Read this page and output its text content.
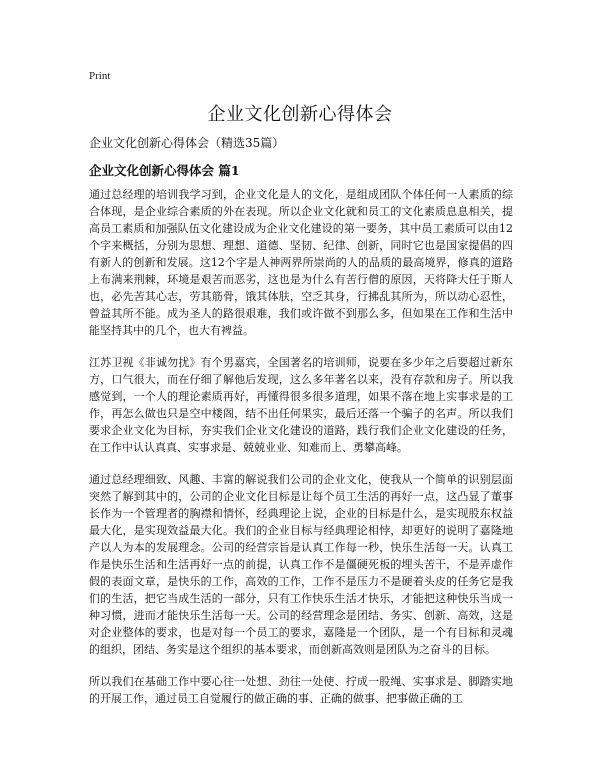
Print
企业文化创新心得体会
企业文化创新心得体会（精选35篇）
企业文化创新心得体会 篇1

通过总经理的培训我学习到，企业文化是人的文化，是组成团队个体任何一人素质的综合体现，是企业综合素质的外在表现。所以企业文化就和员工的文化素质息息相关，提高员工素质和加强队伍文化建设成为企业文化建设的第一要务，其中员工素质可以由12个字来概括，分别为思想、理想、道德、坚韧、纪律、创新，同时它也是国家提倡的四有新人的创新和发展。这12个字是人神两界所崇尚的人的品质的最高境界，修真的道路上布满来荆棘，环境是艰苦而恶劣，这也是为什么有苦行僧的原因，天将降大任于斯人也，必先苦其心志，劳其筋骨，饿其体肤，空乏其身，行拂乱其所为，所以动心忍性，曾益其所不能。成为圣人的路很艰难，我们或许做不到那么多，但如果在工作和生活中能坚持其中的几个，也大有裨益。

江苏卫视《非诚勿扰》有个男嘉宾，全国著名的培训师，说要在多少年之后要超过新东方，口气很大，而在仔细了解他后发现，这么多年著名以来，没有存款和房子。所以我感觉到，一个人的理论素质再好，再懂得很多很多道理，如果不落在地上实事求是的工作，再怎么做也只是空中楼阁，结不出任何果实，最后还落一个骗子的名声。所以我们要求企业文化为目标，夯实我们企业文化建设的道路，践行我们企业文化建设的任务，在工作中认认真真、实事求是、兢兢业业、知难而上、勇攀高峰。

通过总经理细致、风趣、丰富的解说我们公司的企业文化，使我从一个简单的识别层面突然了解到其中的，公司的企业文化目标是让每个员工生活的再好一点，这凸显了董事长作为一个管理者的胸襟和情怀，经典理论上说，企业的目标是什么，是实现股东权益最大化，是实现效益最大化。我们的企业目标与经典理论相悖，却更好的说明了嘉隆地产以人为本的发展理念。公司的经营宗旨是认真工作每一秒，快乐生活每一天。认真工作是快乐生活和生活再好一点的前提，认真工作不是僵硬死板的埋头苦干，不是弄虚作假的表面文章，是快乐的工作，高效的工作，工作不是压力不是硬着头皮的任务它是我们的生活，把它当成生活的一部分，只有工作快乐生活才快乐，才能把这种快乐当成一种习惯，进而才能快乐生活每一天。公司的经营理念是团结、务实、创新、高效，这是对企业整体的要求，也是对每一个员工的要求，嘉隆是一个团队，是一个有目标和灵魂的组织，团结、务实是这个组织的基本要求，而创新高效则是团队为之奋斗的目标。

所以我们在基础工作中要心往一处想、劲往一处使、拧成一股绳、实事求是、脚踏实地的开展工作，通过员工自觉履行的做正确的事、正确的做事、把事做正确的工
